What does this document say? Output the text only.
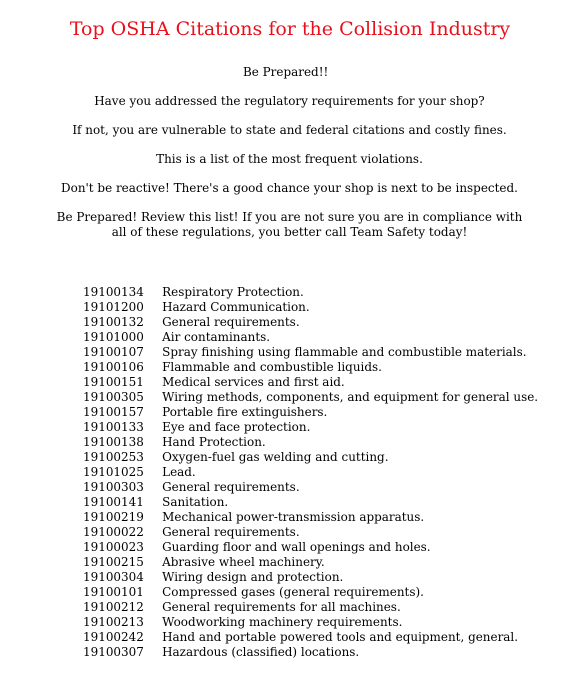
Top OSHA Citations for the Collision Industry

Be Prepared!!

Have you addressed the regulatory requirements for your shop?

If not, you are vulnerable to state and federal citations and costly fines.

This is a list of the most frequent violations.

Don't be reactive! There's a good chance your shop is next to be inspected.

Be Prepared! Review this list! If you are not sure you are in compliance with all of these regulations, you better call Team Safety today!

19100134	Respiratory Protection.
19101200	Hazard Communication.
19100132	General requirements.
19101000	Air contaminants.
19100107	Spray finishing using flammable and combustible materials.
19100106	Flammable and combustible liquids.
19100151	Medical services and first aid.
19100305	Wiring methods, components, and equipment for general use.
19100157	Portable fire extinguishers.
19100133	Eye and face protection.
19100138	Hand Protection.
19100253	Oxygen-fuel gas welding and cutting.
19101025	Lead.
19100303	General requirements.
19100141	Sanitation.
19100219	Mechanical power-transmission apparatus.
19100022	General requirements.
19100023	Guarding floor and wall openings and holes.
19100215	Abrasive wheel machinery.
19100304	Wiring design and protection.
19100101	Compressed gases (general requirements).
19100212	General requirements for all machines.
19100213	Woodworking machinery requirements.
19100242	Hand and portable powered tools and equipment, general.
19100307	Hazardous (classified) locations.
